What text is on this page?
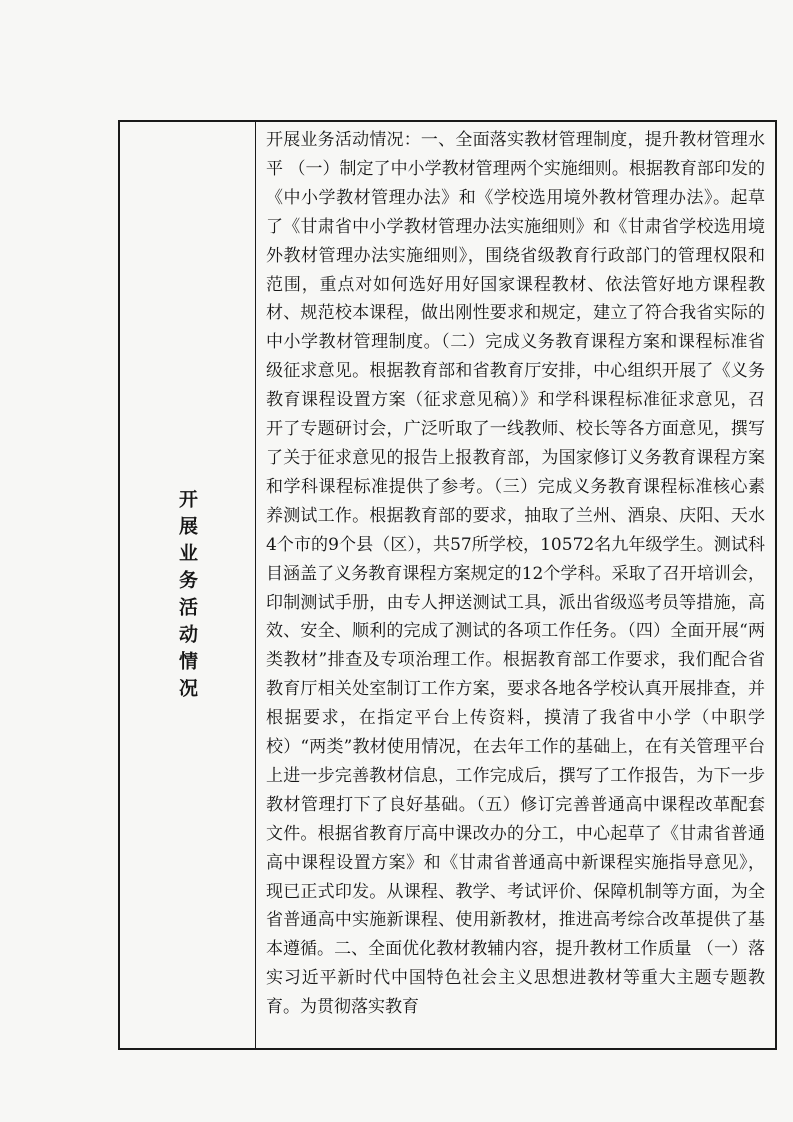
开展业务活动情况

开展业务活动情况：一、全面落实教材管理制度，提升教材管理水平 （一）制定了中小学教材管理两个实施细则。根据教育部印发的《中小学教材管理办法》和《学校选用境外教材管理办法》。起草了《甘肃省中小学教材管理办法实施细则》和《甘肃省学校选用境外教材管理办法实施细则》，围绕省级教育行政部门的管理权限和范围，重点对如何选好用好国家课程教材、依法管好地方课程教材、规范校本课程，做出刚性要求和规定，建立了符合我省实际的中小学教材管理制度。（二）完成义务教育课程方案和课程标准省级征求意见。根据教育部和省教育厅安排，中心组织开展了《义务教育课程设置方案（征求意见稿）》和学科课程标准征求意见，召开了专题研讨会，广泛听取了一线教师、校长等各方面意见，撰写了关于征求意见的报告上报教育部，为国家修订义务教育课程方案和学科课程标准提供了参考。（三）完成义务教育课程标准核心素养测试工作。根据教育部的要求，抽取了兰州、酒泉、庆阳、天水4个市的9个县（区），共57所学校，10572名九年级学生。测试科目涵盖了义务教育课程方案规定的12个学科。采取了召开培训会，印制测试手册，由专人押送测试工具，派出省级巡考员等措施，高效、安全、顺利的完成了测试的各项工作任务。（四）全面开展“两类教材”排查及专项治理工作。根据教育部工作要求，我们配合省教育厅相关处室制订工作方案，要求各地各学校认真开展排查，并根据要求，在指定平台上传资料，摸清了我省中小学（中职学校）“两类”教材使用情况，在去年工作的基础上，在有关管理平台上进一步完善教材信息，工作完成后，撰写了工作报告，为下一步教材管理打下了良好基础。（五）修订完善普通高中课程改革配套文件。根据省教育厅高中课改办的分工，中心起草了《甘肃省普通高中课程设置方案》和《甘肃省普通高中新课程实施指导意见》，现已正式印发。从课程、教学、考试评价、保障机制等方面，为全省普通高中实施新课程、使用新教材，推进高考综合改革提供了基本遵循。二、全面优化教材教辅内容，提升教材工作质量 （一）落实习近平新时代中国特色社会主义思想进教材等重大主题专题教育。为贯彻落实教育
